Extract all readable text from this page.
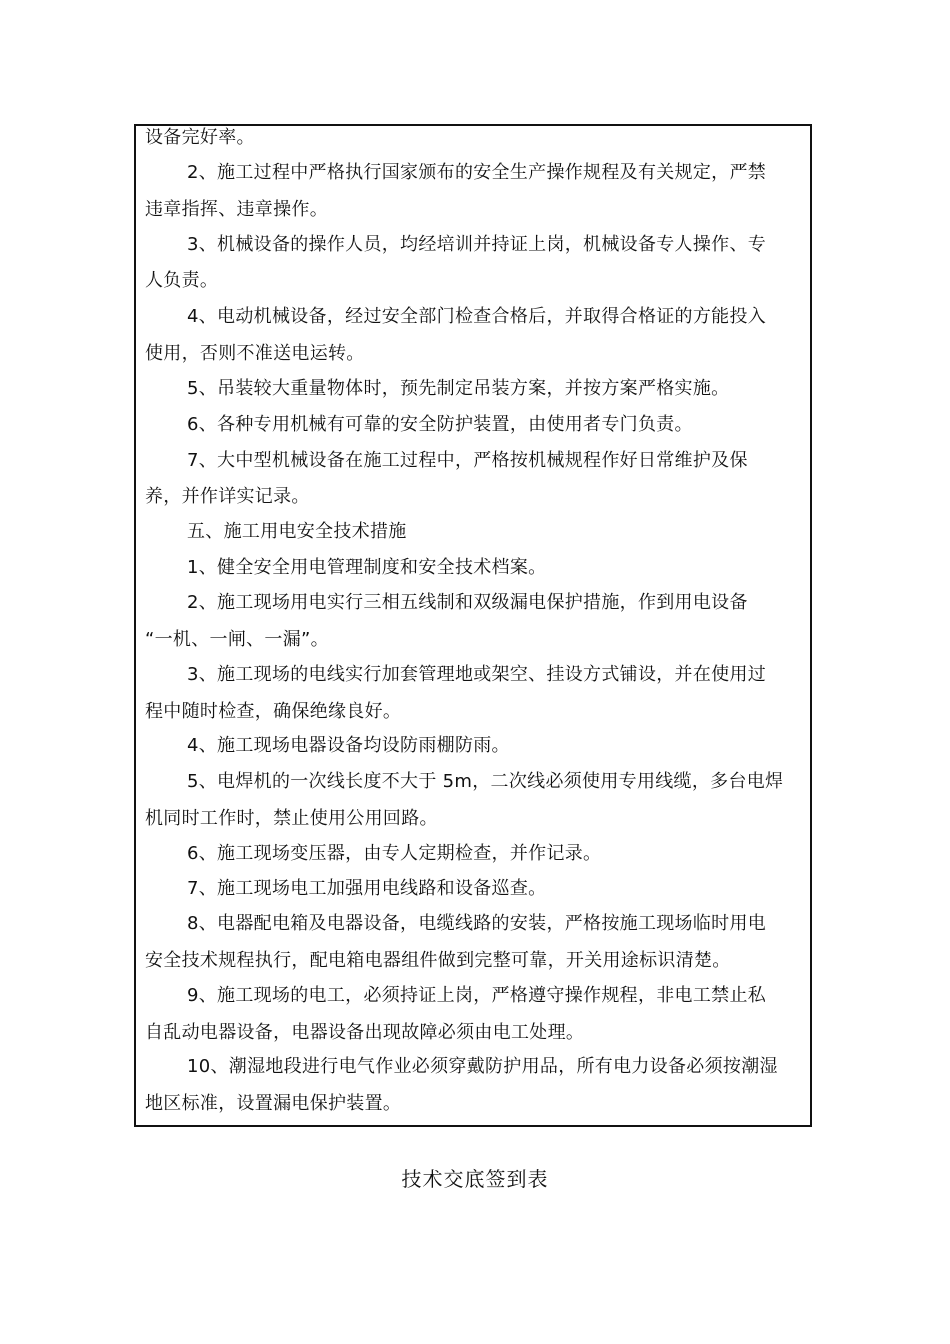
设备完好率。
2、施工过程中严格执行国家颁布的安全生产操作规程及有关规定，严禁
违章指挥、违章操作。
3、机械设备的操作人员，均经培训并持证上岗，机械设备专人操作、专
人负责。
4、电动机械设备，经过安全部门检查合格后，并取得合格证的方能投入
使用，否则不准送电运转。
5、吊装较大重量物体时，预先制定吊装方案，并按方案严格实施。
6、各种专用机械有可靠的安全防护装置，由使用者专门负责。
7、大中型机械设备在施工过程中，严格按机械规程作好日常维护及保
养，并作详实记录。
五、施工用电安全技术措施
1、健全安全用电管理制度和安全技术档案。
2、施工现场用电实行三相五线制和双级漏电保护措施，作到用电设备
“一机、一闸、一漏”。
3、施工现场的电线实行加套管理地或架空、挂设方式铺设，并在使用过
程中随时检查，确保绝缘良好。
4、施工现场电器设备均设防雨棚防雨。
5、电焊机的一次线长度不大于 5m，二次线必须使用专用线缆，多台电焊
机同时工作时，禁止使用公用回路。
6、施工现场变压器，由专人定期检查，并作记录。
7、施工现场电工加强用电线路和设备巡查。
8、电器配电箱及电器设备，电缆线路的安装，严格按施工现场临时用电
安全技术规程执行，配电箱电器组件做到完整可靠，开关用途标识清楚。
9、施工现场的电工，必须持证上岗，严格遵守操作规程，非电工禁止私
自乱动电器设备，电器设备出现故障必须由电工处理。
10、潮湿地段进行电气作业必须穿戴防护用品，所有电力设备必须按潮湿
地区标准，设置漏电保护装置。
技术交底签到表
